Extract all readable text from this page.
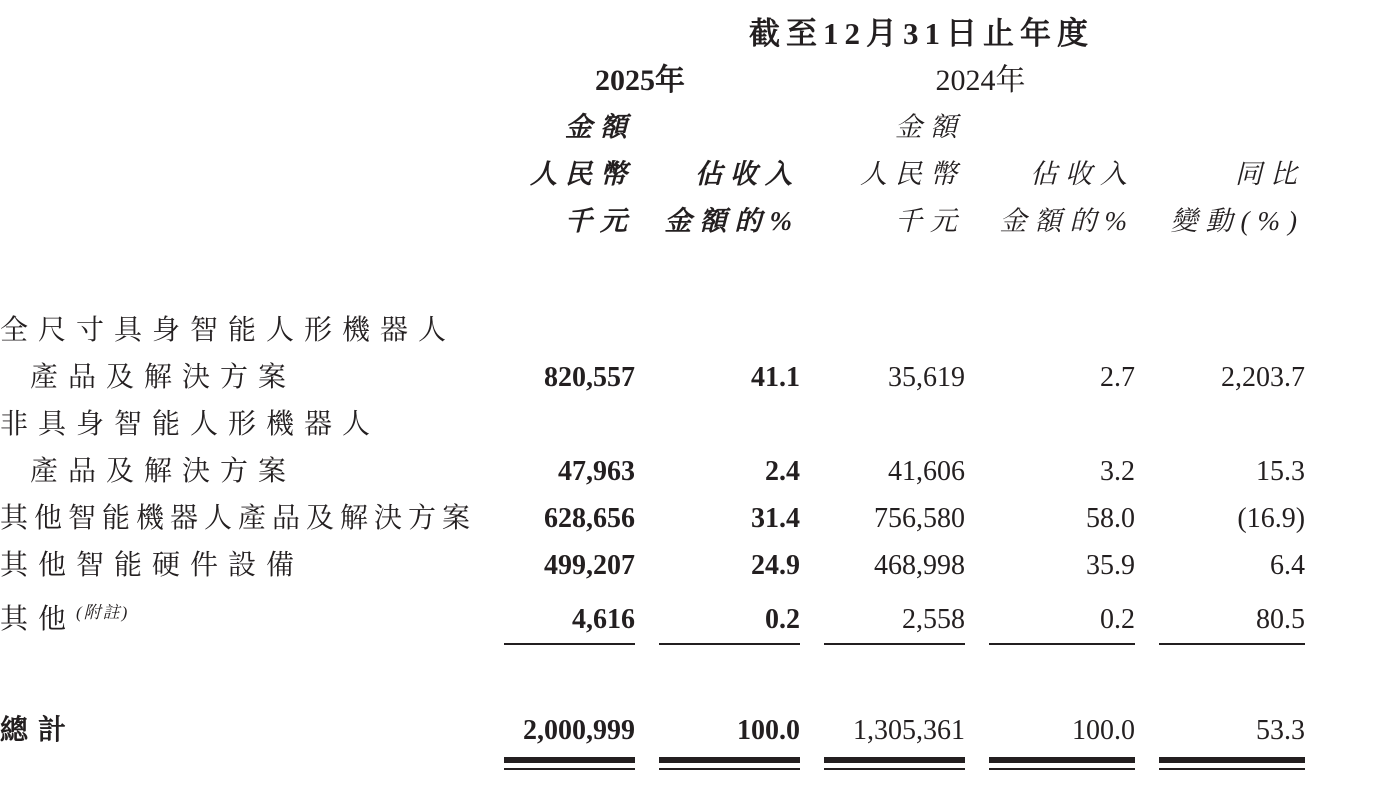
	截至12月31日止年度					
	2025年		2024年			
	金額		金額			
	人民幣	佔收入	人民幣	佔收入	同比	
	千元	金額的%	千元	金額的%	變動(%)	

全尺寸具身智能人形機器人
產品及解決方案	820,557	41.1	35,619	2.7	2,203.7	

非具身智能人形機器人
產品及解決方案	47,963	2.4	41,606	3.2	15.3	
其他智能機器人產品及解決方案	628,656	31.4	756,580	58.0	(16.9)	
其他智能硬件設備	499,207	24.9	468,998	35.9	6.4	
其他$^{(附註)}$	4,616	0.2	2,558	0.2	80.5	

總計	2,000,999	100.0	1,305,361	100.0	53.3	
